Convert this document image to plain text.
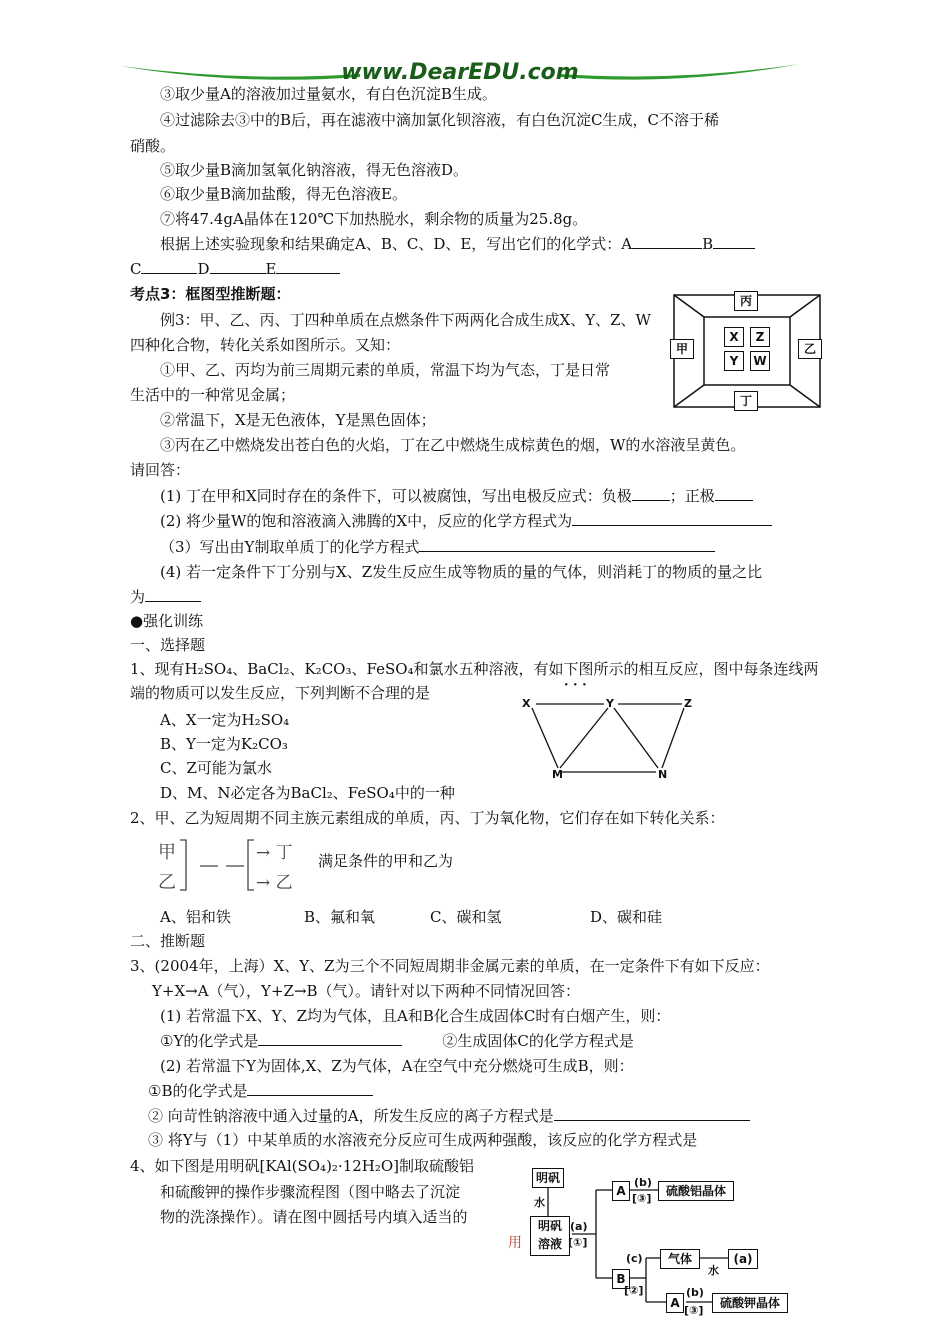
www.DearEDU.com
③取少量A的溶液加过量氨水，有白色沉淀B生成。
④过滤除去③中的B后，再在滤液中滴加氯化钡溶液，有白色沉淀C生成，C不溶于稀
硝酸。
⑤取少量B滴加氢氧化钠溶液，得无色溶液D。
⑥取少量B滴加盐酸，得无色溶液E。
⑦将47.4gA晶体在120℃下加热脱水，剩余物的质量为25.8g。
根据上述实验现象和结果确定A、B、C、D、E，写出它们的化学式：A	B
C	D	E
考点3：框图型推断题：
例3：甲、乙、丙、丁四种单质在点燃条件下两两化合成生成X、Y、Z、W
四种化合物，转化关系如图所示。又知：
①甲、乙、丙均为前三周期元素的单质，常温下均为气态，丁是日常
生活中的一种常见金属；
②常温下，X是无色液体，Y是黑色固体；
③丙在乙中燃烧发出苍白色的火焰，丁在乙中燃烧生成棕黄色的烟，W的水溶液呈黄色。
请回答：
(1) 丁在甲和X同时存在的条件下，可以被腐蚀，写出电极反应式：负极	；正极
(2) 将少量W的饱和溶液滴入沸腾的X中，反应的化学方程式为
（3）写出由Y制取单质丁的化学方程式
(4) 若一定条件下丁分别与X、Z发生反应生成等物质的量的气体，则消耗丁的物质的量之比
为
丙
甲	乙
丁
X	Z
Y	W
●强化训练
一、选择题
1、现有H₂SO₄、BaCl₂、K₂CO₃、FeSO₄和氯水五种溶液，有如下图所示的相互反应，图中每条连线两
端的物质可以发生反应，下列判断不合理的是
A、X一定为H₂SO₄
B、Y一定为K₂CO₃
C、Z可能为氯水
D、M、N必定各为BaCl₂、FeSO₄中的一种
· · ·
X	Y	Z
M	N
2、甲、乙为短周期不同主族元素组成的单质，丙、丁为氧化物，它们存在如下转化关系：
甲
乙
→ 丁
→ 乙
满足条件的甲和乙为
A、铝和铁	B、氟和氧	C、碳和氢	D、碳和硅
二、推断题
3、(2004年，上海）X、Y、Z为三个不同短周期非金属元素的单质，在一定条件下有如下反应：
Y+X→A（气），Y+Z→B（气）。请针对以下两种不同情况回答：
(1) 若常温下X、Y、Z均为气体，且A和B化合生成固体C时有白烟产生，则：
①Y的化学式是	②生成固体C的化学方程式是
(2) 若常温下Y为固体,X、Z为气体，A在空气中充分燃烧可生成B，则：
①B的化学式是
② 向苛性钠溶液中通入过量的A，所发生反应的离子方程式是
③ 将Y与（1）中某单质的水溶液充分反应可生成两种强酸，该反应的化学方程式是
4、如下图是用明矾[KAl(SO₄)₂·12H₂O]制取硫酸铝
和硫酸钾的操作步骤流程图（图中略去了沉淀
物的洗涤操作）。请在图中圆括号内填入适当的
用
明矾
水
明矾
溶液
(a)
[①]
A
(b)
[③]
硫酸铝晶体
B
(c)
[②]
气体
水
(a)
A
(b)
[③]
硫酸钾晶体
